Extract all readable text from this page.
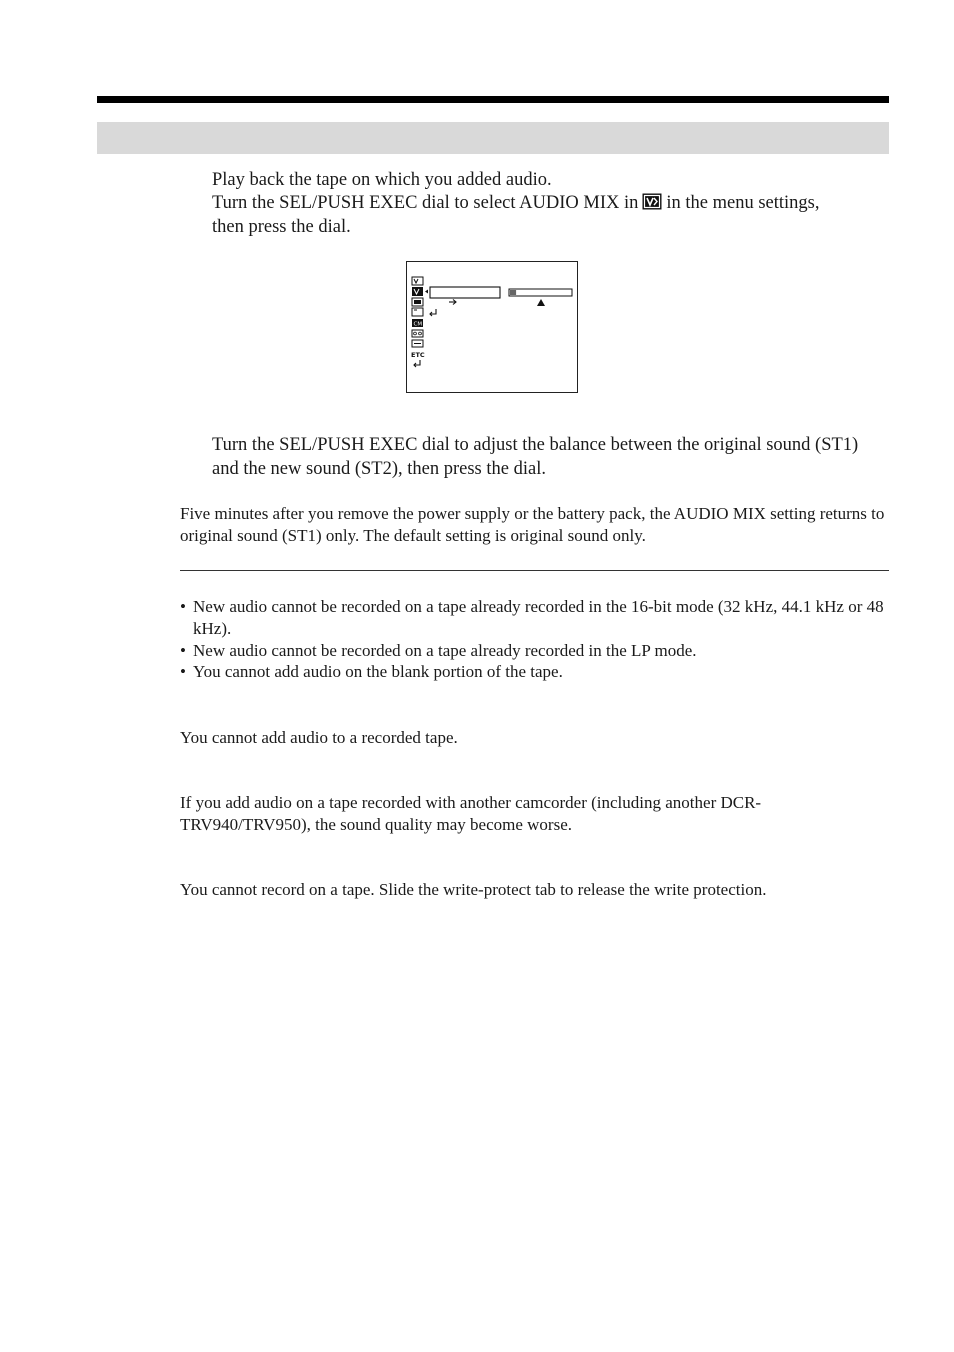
Play back the tape on which you added audio.

Turn the SEL/PUSH EXEC dial to select AUDIO MIX in in the menu settings, then press the dial.

CM
ETC

Turn the SEL/PUSH EXEC dial to adjust the balance between the original sound (ST1) and the new sound (ST2), then press the dial.

Five minutes after you remove the power supply or the battery pack, the AUDIO MIX setting returns to original sound (ST1) only. The default setting is original sound only.

• New audio cannot be recorded on a tape already recorded in the 16-bit mode (32 kHz, 44.1 kHz or 48 kHz).

• New audio cannot be recorded on a tape already recorded in the LP mode.

• You cannot add audio on the blank portion of the tape.

You cannot add audio to a recorded tape.

If you add audio on a tape recorded with another camcorder (including another DCR-TRV940/TRV950), the sound quality may become worse.

You cannot record on a tape. Slide the write-protect tab to release the write protection.
